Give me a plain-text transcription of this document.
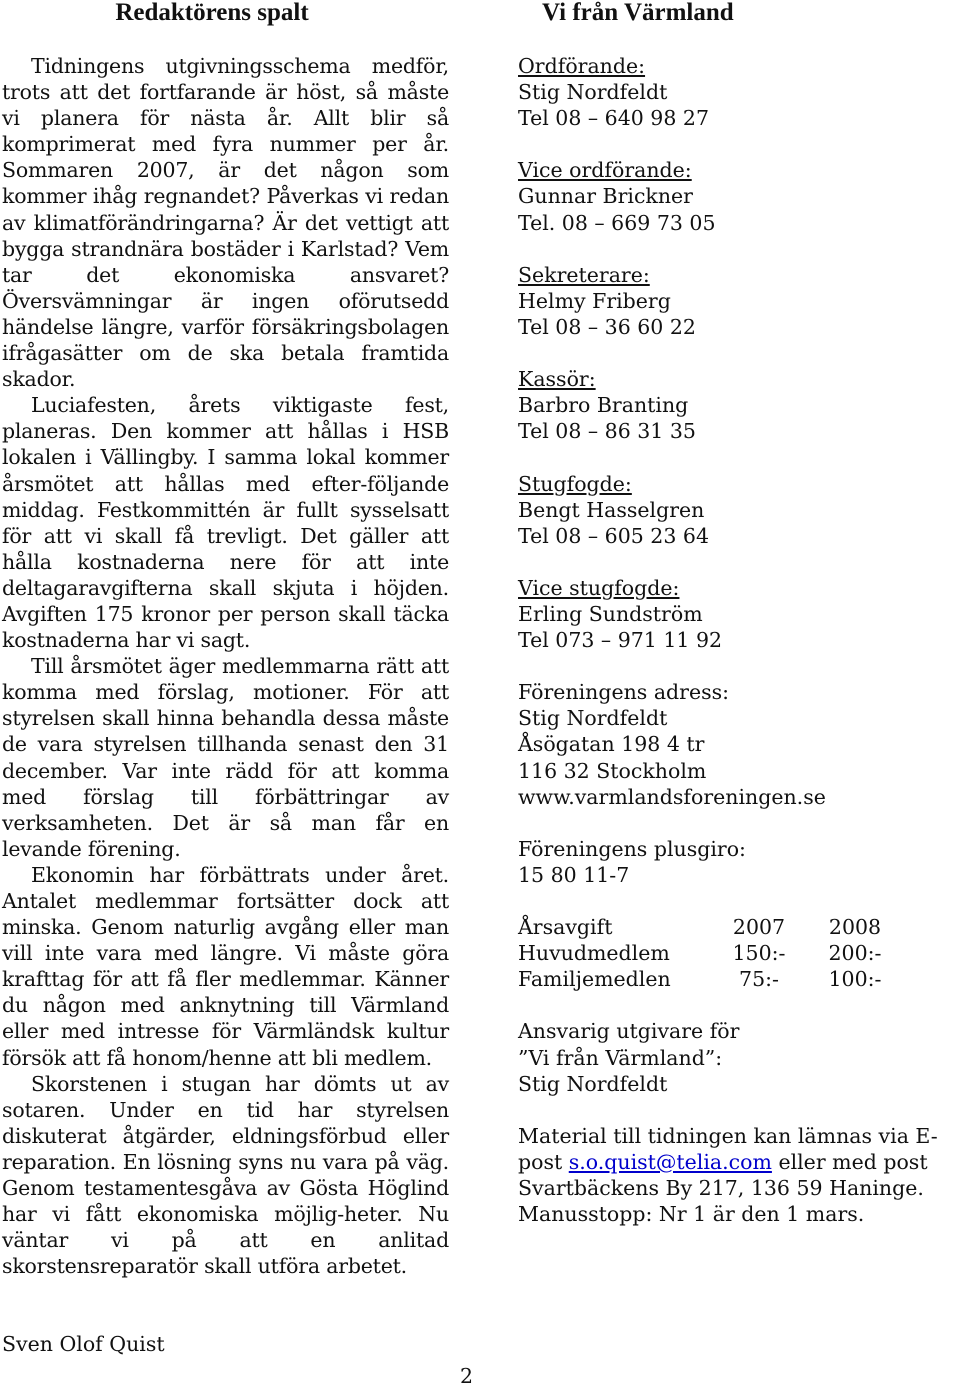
Redaktörens spalt

Tidningens utgivningsschema medför, trots att det fortfarande är höst, så måste vi planera för nästa år. Allt blir så komprimerat med fyra nummer per år. Sommaren 2007, är det någon som kommer ihåg regnandet? Påverkas vi redan av klimatförändringarna? Är det vettigt att bygga strandnära bostäder i Karlstad? Vem tar det ekonomiska ansvaret? Översvämningar är ingen oförutsedd händelse längre, varför försäkringsbolagen ifrågasätter om de ska betala framtida skador.

Luciafesten, årets viktigaste fest, planeras. Den kommer att hållas i HSB lokalen i Vällingby. I samma lokal kommer årsmötet att hållas med efter-följande middag. Festkommittén är fullt sysselsatt för att vi skall få trevligt. Det gäller att hålla kostnaderna nere för att inte deltagaravgifterna skall skjuta i höjden. Avgiften 175 kronor per person skall täcka kostnaderna har vi sagt.

Till årsmötet äger medlemmarna rätt att komma med förslag, motioner. För att styrelsen skall hinna behandla dessa måste de vara styrelsen tillhanda senast den 31 december. Var inte rädd för att komma med förslag till förbättringar av verksamheten. Det är så man får en levande förening.

Ekonomin har förbättrats under året. Antalet medlemmar fortsätter dock att minska. Genom naturlig avgång eller man vill inte vara med längre. Vi måste göra krafttag för att få fler medlemmar. Känner du någon med anknytning till Värmland eller med intresse för Värmländsk kultur försök att få honom/henne att bli medlem.

Skorstenen i stugan har dömts ut av sotaren. Under en tid har styrelsen diskuterat åtgärder, eldningsförbud eller reparation. En lösning syns nu vara på väg. Genom testamentesgåva av Gösta Höglind har vi fått ekonomiska möjlig-heter. Nu väntar vi på att en anlitad skorstensreparatör skall utföra arbetet.

Sven Olof Quist
Vi från Värmland
Ordförande:
Stig Nordfeldt
Tel 08 – 640 98 27
Vice ordförande:
Gunnar Brickner
Tel. 08 – 669 73 05
Sekreterare:
Helmy Friberg
Tel 08 – 36 60 22
Kassör:
Barbro Branting
Tel 08 – 86 31 35
Stugfogde:
Bengt Hasselgren
Tel 08 – 605 23 64
Vice stugfogde:
Erling Sundström
Tel 073 – 971 11 92
Föreningens adress:
Stig Nordfeldt
Åsögatan 198 4 tr
116 32 Stockholm
www.varmlandsforeningen.se
Föreningens plusgiro:
15 80 11-7
Årsavgift	2007	2008
Huvudmedlem	150:-	200:-
Familjemedlen	75:-	100:-
Ansvarig utgivare för
”Vi från Värmland”:
Stig Nordfeldt
Material till tidningen kan lämnas via E-post s.o.quist@telia.com eller med post Svartbäckens By 217, 136 59 Haninge. Manusstopp: Nr 1 är den 1 mars.
2
